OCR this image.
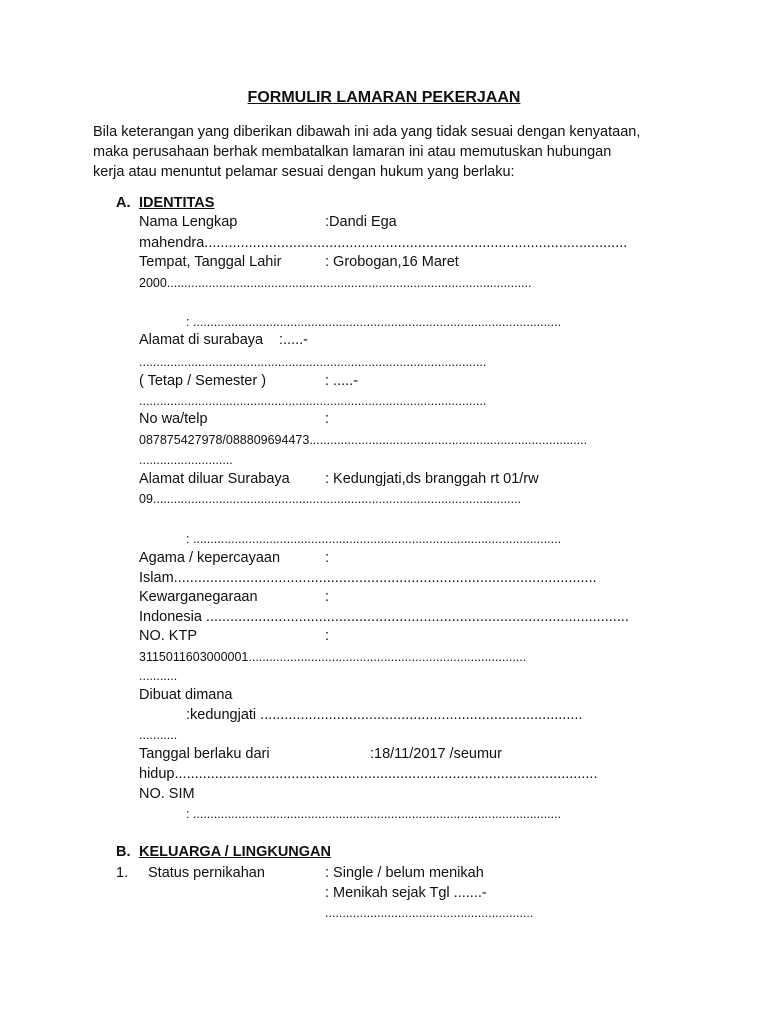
FORMULIR LAMARAN PEKERJAAN
Bila keterangan yang diberikan dibawah ini ada yang tidak sesuai dengan kenyataan,
maka perusahaan berhak membatalkan lamaran ini atau memutuskan hubungan
kerja atau menuntut pelamar sesuai dengan hukum yang berlaku:
A. IDENTITAS
Nama Lengkap	:Dandi Ega
mahendra.........................................................................................................
Tempat, Tanggal Lahir	: Grobogan,16 Maret
2000.........................................................................................................
: ..........................................................................................................
Alamat di surabaya :.....-
....................................................................................................
( Tetap / Semester )	: .....-
....................................................................................................
No wa/telp	:
087875427978/088809694473................................................................................
...........................
Alamat diluar Surabaya : Kedungjati,ds branggah rt 01/rw
09..........................................................................................................
: ..........................................................................................................
Agama / kepercayaan	:
Islam.........................................................................................................
Kewarganegaraan	:
Indonesia .........................................................................................................
NO. KTP	:
3115011603000001................................................................................
...........
Dibuat dimana
:kedungjati ................................................................................
...........
Tanggal berlaku dari	:18/11/2017 /seumur
hidup.........................................................................................................
NO. SIM
: ..........................................................................................................
B. KELUARGA / LINGKUNGAN
1. Status pernikahan	: Single / belum menikah
: Menikah sejak Tgl .......-
............................................................
